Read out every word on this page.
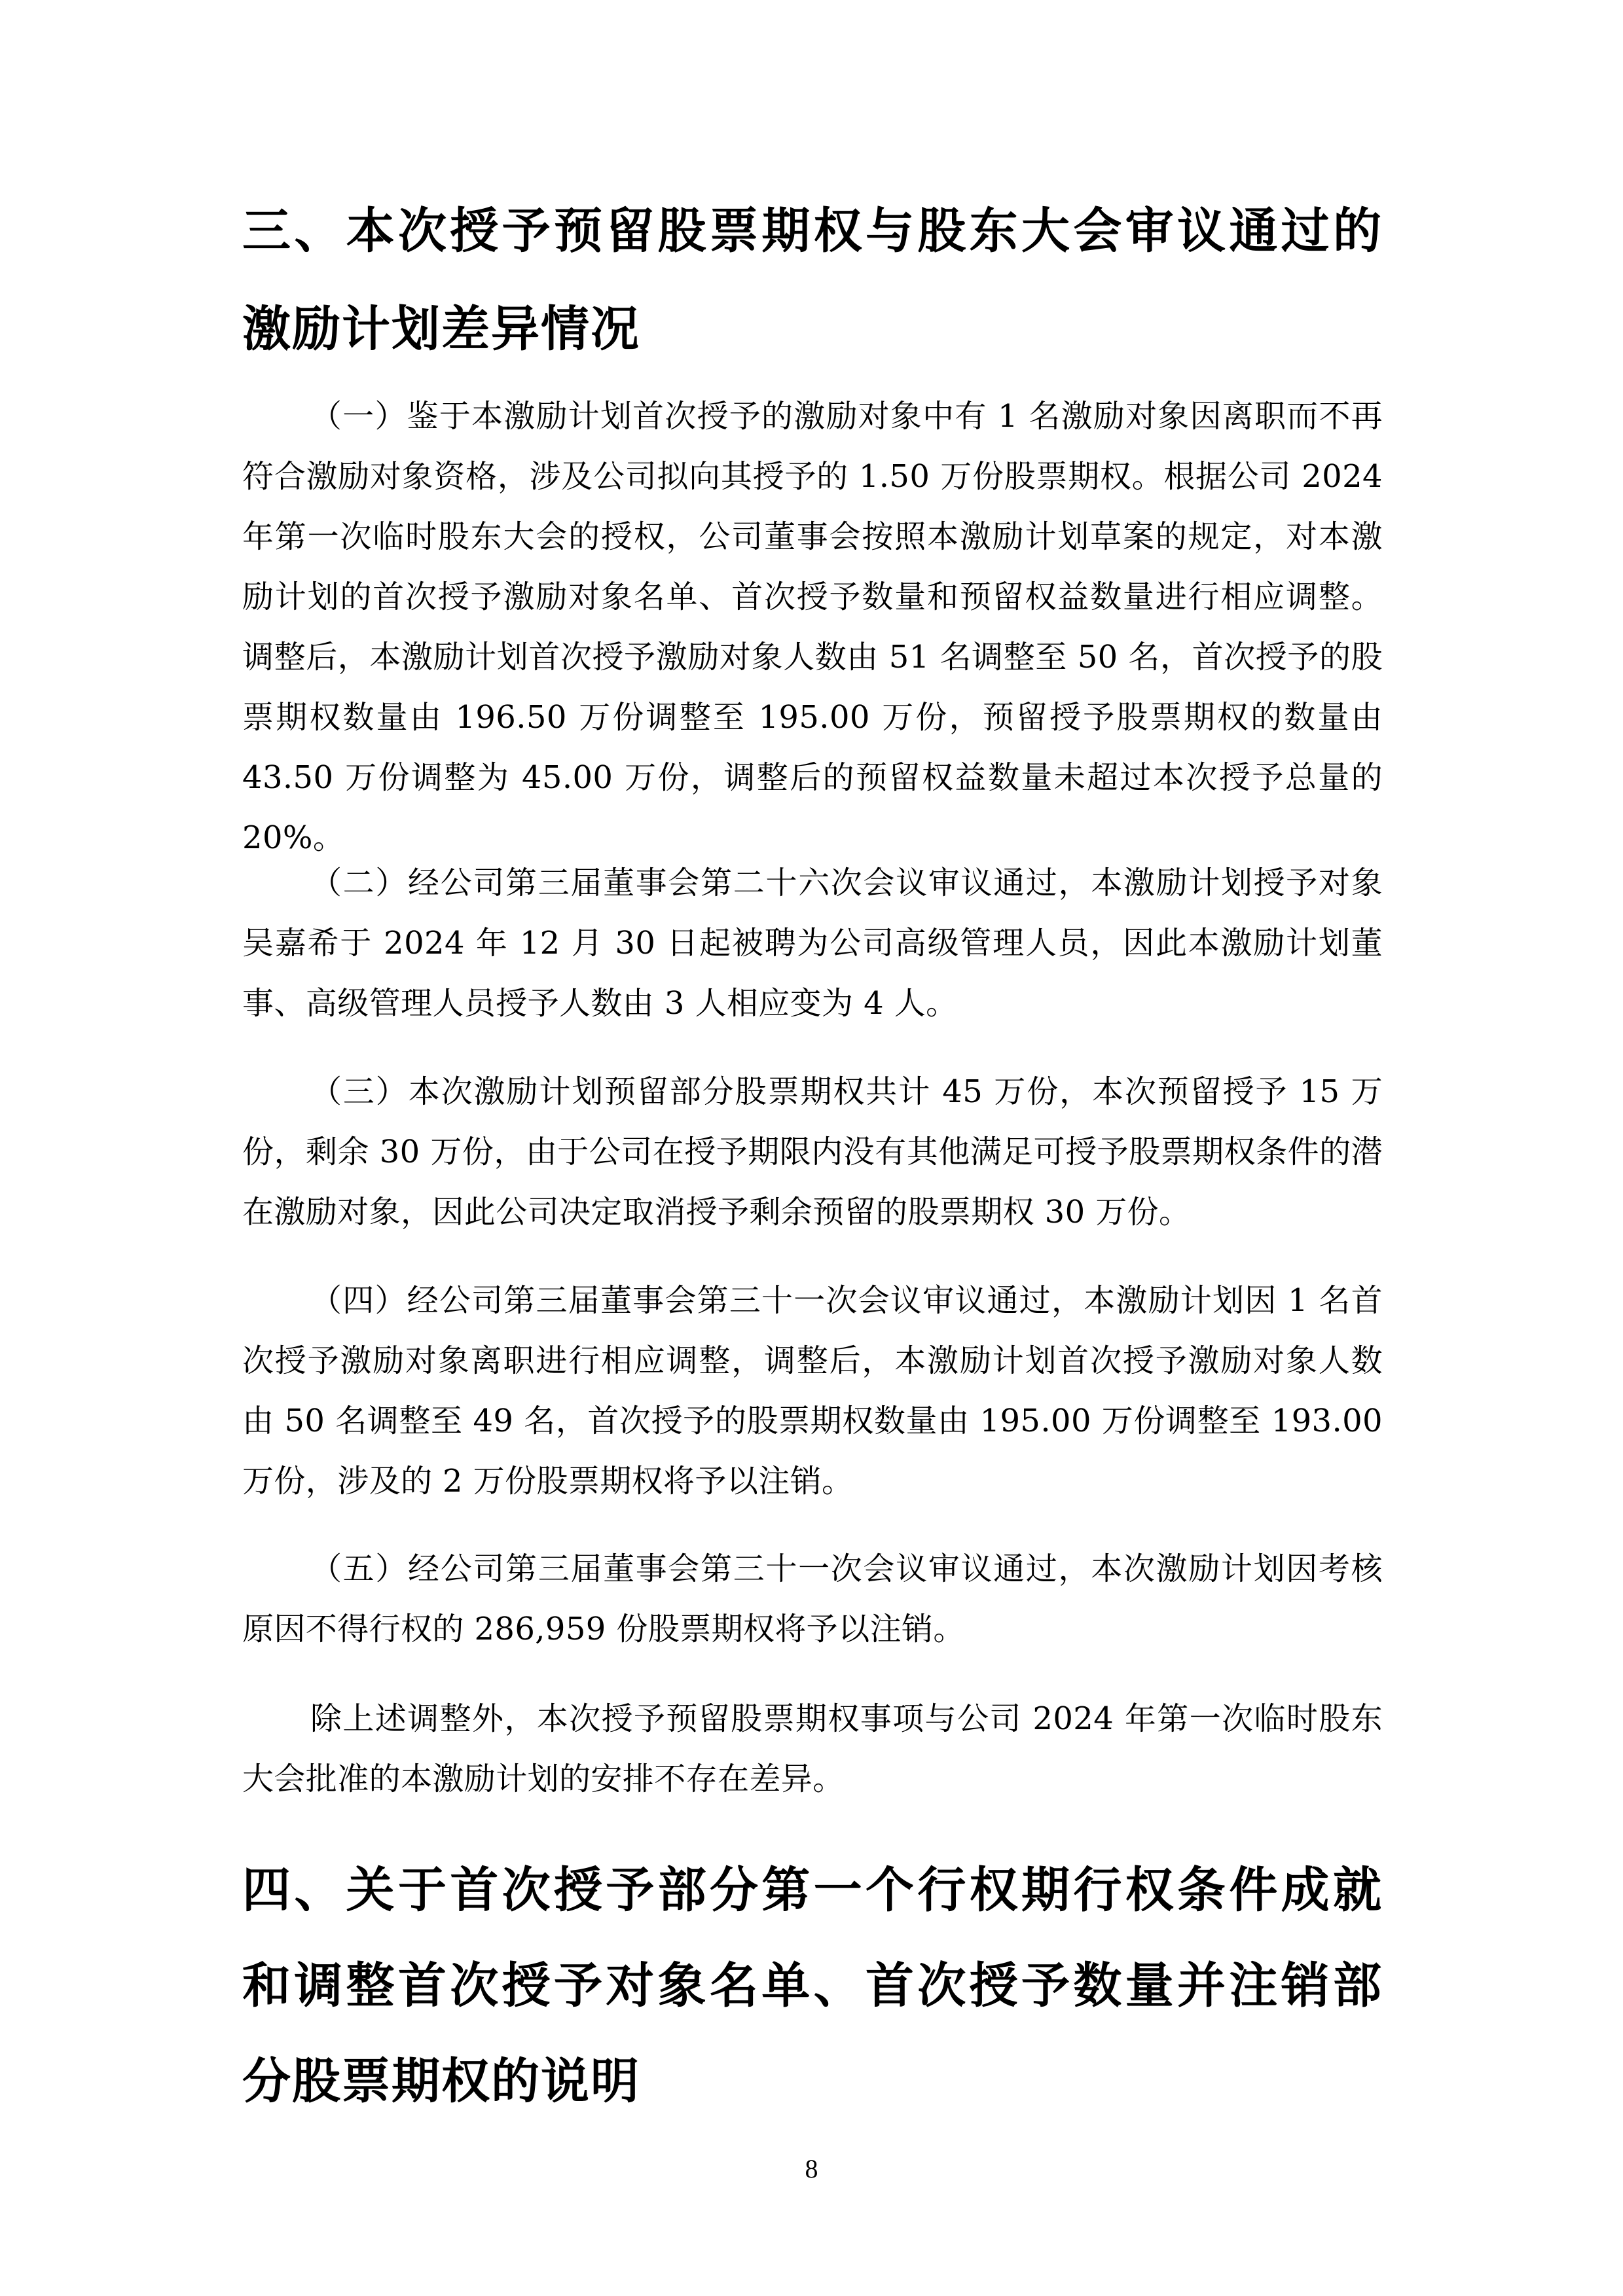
三、本次授予预留股票期权与股东大会审议通过的激励计划差异情况

（一）鉴于本激励计划首次授予的激励对象中有 1 名激励对象因离职而不再符合激励对象资格，涉及公司拟向其授予的 1.50 万份股票期权。根据公司 2024 年第一次临时股东大会的授权，公司董事会按照本激励计划草案的规定，对本激励计划的首次授予激励对象名单、首次授予数量和预留权益数量进行相应调整。调整后，本激励计划首次授予激励对象人数由 51 名调整至 50 名，首次授予的股票期权数量由 196.50 万份调整至 195.00 万份，预留授予股票期权的数量由 43.50 万份调整为 45.00 万份，调整后的预留权益数量未超过本次授予总量的 20%。

（二）经公司第三届董事会第二十六次会议审议通过，本激励计划授予对象吴嘉希于 2024 年 12 月 30 日起被聘为公司高级管理人员，因此本激励计划董事、高级管理人员授予人数由 3 人相应变为 4 人。

（三）本次激励计划预留部分股票期权共计 45 万份，本次预留授予 15 万份，剩余 30 万份，由于公司在授予期限内没有其他满足可授予股票期权条件的潜在激励对象，因此公司决定取消授予剩余预留的股票期权 30 万份。

（四）经公司第三届董事会第三十一次会议审议通过，本激励计划因 1 名首次授予激励对象离职进行相应调整，调整后，本激励计划首次授予激励对象人数由 50 名调整至 49 名，首次授予的股票期权数量由 195.00 万份调整至 193.00 万份，涉及的 2 万份股票期权将予以注销。

（五）经公司第三届董事会第三十一次会议审议通过，本次激励计划因考核原因不得行权的 286,959 份股票期权将予以注销。

除上述调整外，本次授予预留股票期权事项与公司 2024 年第一次临时股东大会批准的本激励计划的安排不存在差异。

四、关于首次授予部分第一个行权期行权条件成就和调整首次授予对象名单、首次授予数量并注销部分股票期权的说明
8
